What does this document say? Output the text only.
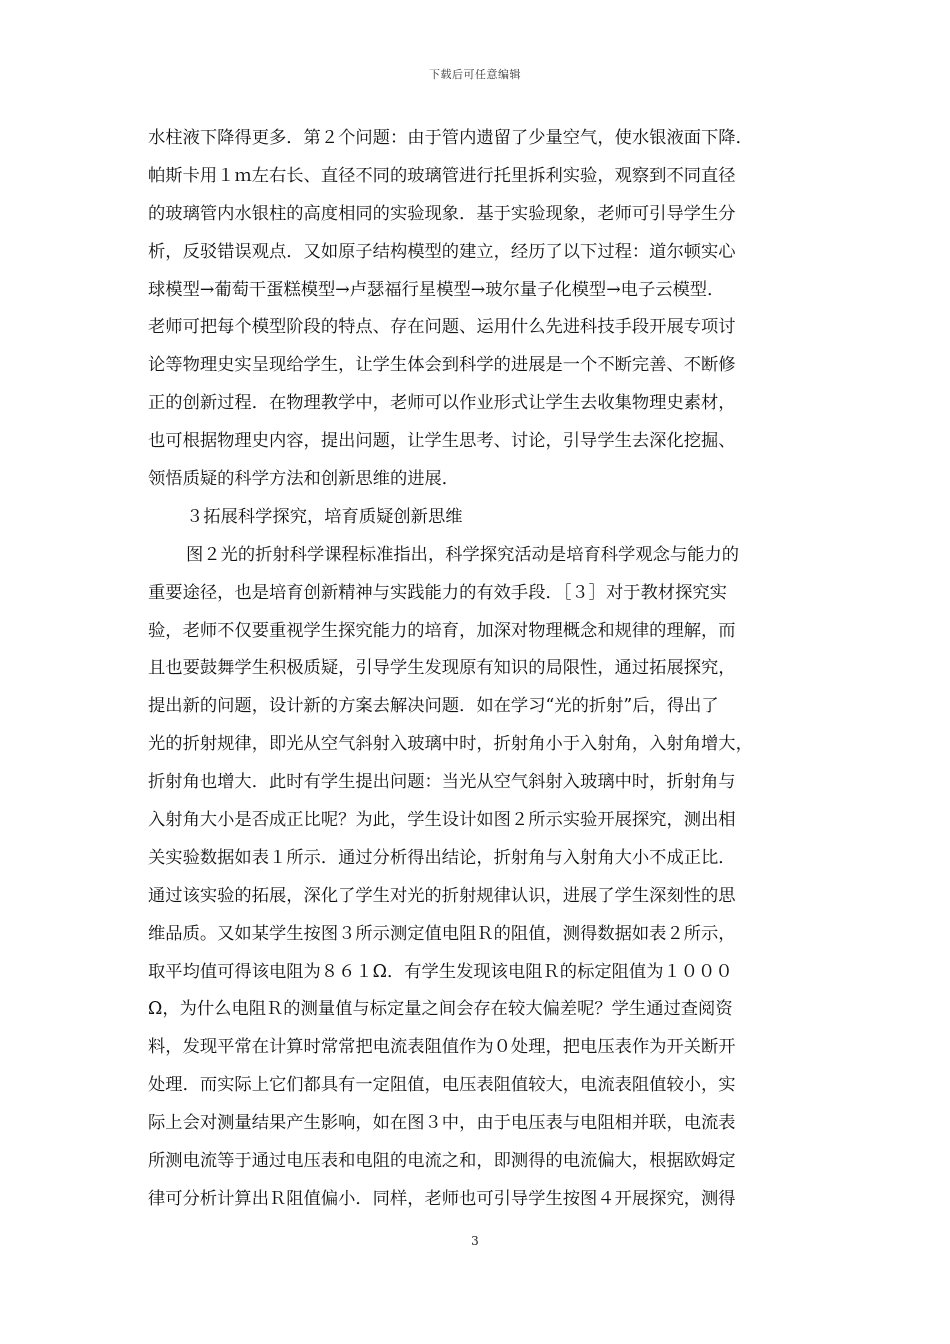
下载后可任意编辑
水柱液下降得更多．第２个问题：由于管内遗留了少量空气，使水银液面下降．
帕斯卡用１ｍ左右长、直径不同的玻璃管进行托里拆利实验，观察到不同直径
的玻璃管内水银柱的高度相同的实验现象．基于实验现象，老师可引导学生分
析，反驳错误观点．又如原子结构模型的建立，经历了以下过程：道尔顿实心
球模型→葡萄干蛋糕模型→卢瑟福行星模型→玻尔量子化模型→电子云模型．
老师可把每个模型阶段的特点、存在问题、运用什么先进科技手段开展专项讨
论等物理史实呈现给学生，让学生体会到科学的进展是一个不断完善、不断修
正的创新过程．在物理教学中，老师可以作业形式让学生去收集物理史素材，
也可根据物理史内容，提出问题，让学生思考、讨论，引导学生去深化挖掘、
领悟质疑的科学方法和创新思维的进展．
３拓展科学探究，培育质疑创新思维
图２光的折射科学课程标准指出，科学探究活动是培育科学观念与能力的
重要途径，也是培育创新精神与实践能力的有效手段．［３］对于教材探究实
验，老师不仅要重视学生探究能力的培育，加深对物理概念和规律的理解，而
且也要鼓舞学生积极质疑，引导学生发现原有知识的局限性，通过拓展探究，
提出新的问题，设计新的方案去解决问题．如在学习“光的折射”后，得出了
光的折射规律，即光从空气斜射入玻璃中时，折射角小于入射角，入射角增大，
折射角也增大．此时有学生提出问题：当光从空气斜射入玻璃中时，折射角与
入射角大小是否成正比呢？为此，学生设计如图２所示实验开展探究，测出相
关实验数据如表１所示．通过分析得出结论，折射角与入射角大小不成正比．
通过该实验的拓展，深化了学生对光的折射规律认识，进展了学生深刻性的思
维品质。又如某学生按图３所示测定值电阻Ｒ的阻值，测得数据如表２所示，
取平均值可得该电阻为８６１Ω．有学生发现该电阻Ｒ的标定阻值为１０００
Ω，为什么电阻Ｒ的测量值与标定量之间会存在较大偏差呢？学生通过查阅资
料，发现平常在计算时常常把电流表阻值作为０处理，把电压表作为开关断开
处理．而实际上它们都具有一定阻值，电压表阻值较大，电流表阻值较小，实
际上会对测量结果产生影响，如在图３中，由于电压表与电阻相并联，电流表
所测电流等于通过电压表和电阻的电流之和，即测得的电流偏大，根据欧姆定
律可分析计算出Ｒ阻值偏小．同样，老师也可引导学生按图４开展探究，测得
3
